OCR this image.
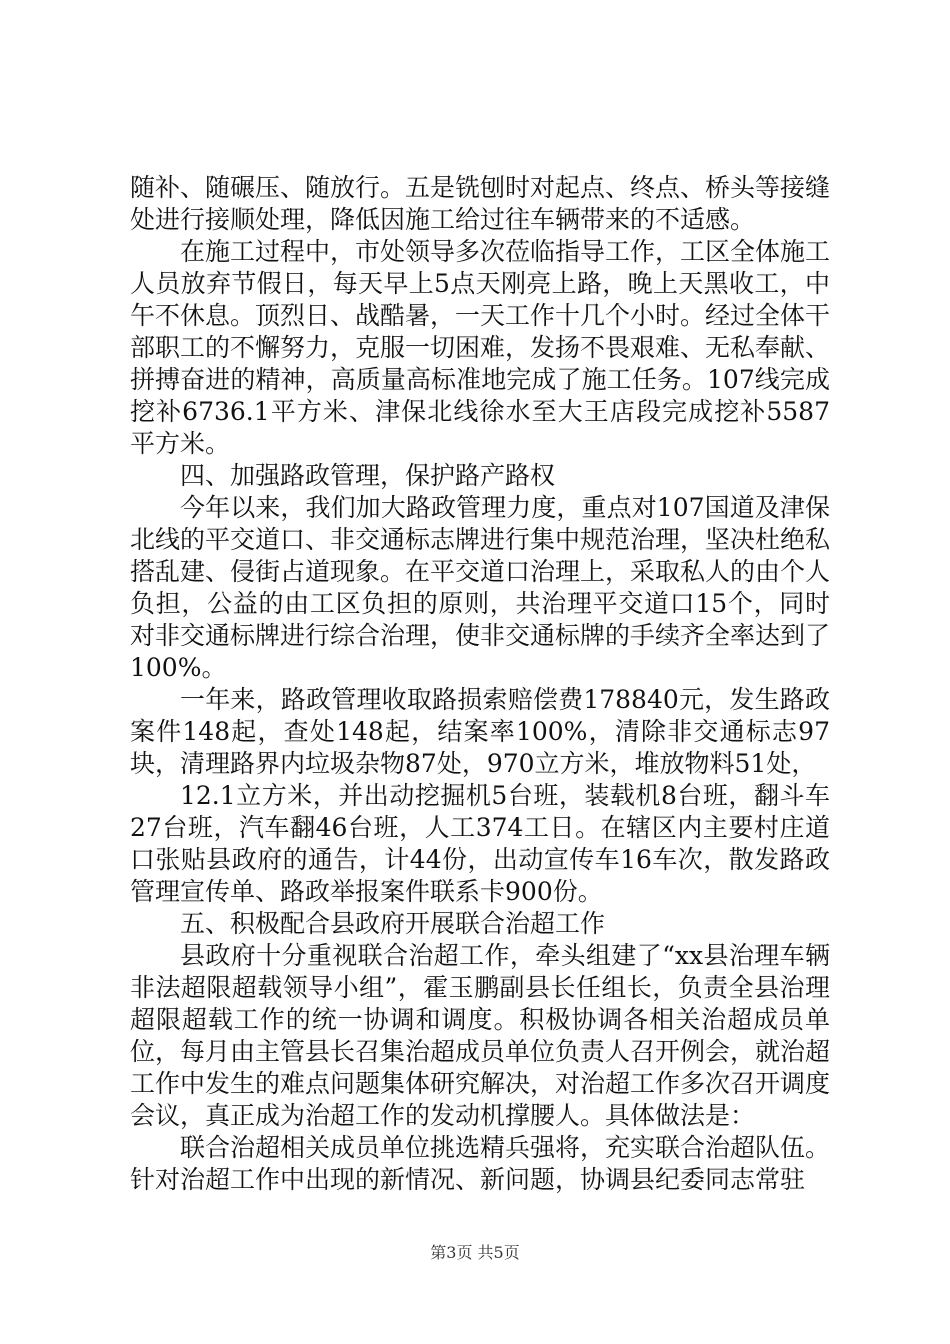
随补、随碾压、随放行。五是铣刨时对起点、终点、桥头等接缝处进行接顺处理，降低因施工给过往车辆带来的不适感。

在施工过程中，市处领导多次莅临指导工作，工区全体施工人员放弃节假日，每天早上5点天刚亮上路，晚上天黑收工，中午不休息。顶烈日、战酷暑，一天工作十几个小时。经过全体干部职工的不懈努力，克服一切困难，发扬不畏艰难、无私奉献、拼搏奋进的精神，高质量高标准地完成了施工任务。107线完成挖补6736.1平方米、津保北线徐水至大王店段完成挖补5587平方米。

四、加强路政管理，保护路产路权

今年以来，我们加大路政管理力度，重点对107国道及津保北线的平交道口、非交通标志牌进行集中规范治理，坚决杜绝私搭乱建、侵街占道现象。在平交道口治理上，采取私人的由个人负担，公益的由工区负担的原则，共治理平交道口15个，同时对非交通标牌进行综合治理，使非交通标牌的手续齐全率达到了100%。

一年来，路政管理收取路损索赔偿费178840元，发生路政案件148起，查处148起，结案率100%，清除非交通标志97块，清理路界内垃圾杂物87处，970立方米，堆放物料51处，

12.1立方米，并出动挖掘机5台班，装载机8台班，翻斗车27台班，汽车翻46台班，人工374工日。在辖区内主要村庄道口张贴县政府的通告，计44份，出动宣传车16车次，散发路政管理宣传单、路政举报案件联系卡900份。

五、积极配合县政府开展联合治超工作

县政府十分重视联合治超工作，牵头组建了“xx县治理车辆非法超限超载领导小组”，霍玉鹏副县长任组长，负责全县治理超限超载工作的统一协调和调度。积极协调各相关治超成员单位，每月由主管县长召集治超成员单位负责人召开例会，就治超工作中发生的难点问题集体研究解决，对治超工作多次召开调度会议，真正成为治超工作的发动机撑腰人。具体做法是：

联合治超相关成员单位挑选精兵强将，充实联合治超队伍。针对治超工作中出现的新情况、新问题，协调县纪委同志常驻

第3页 共5页
